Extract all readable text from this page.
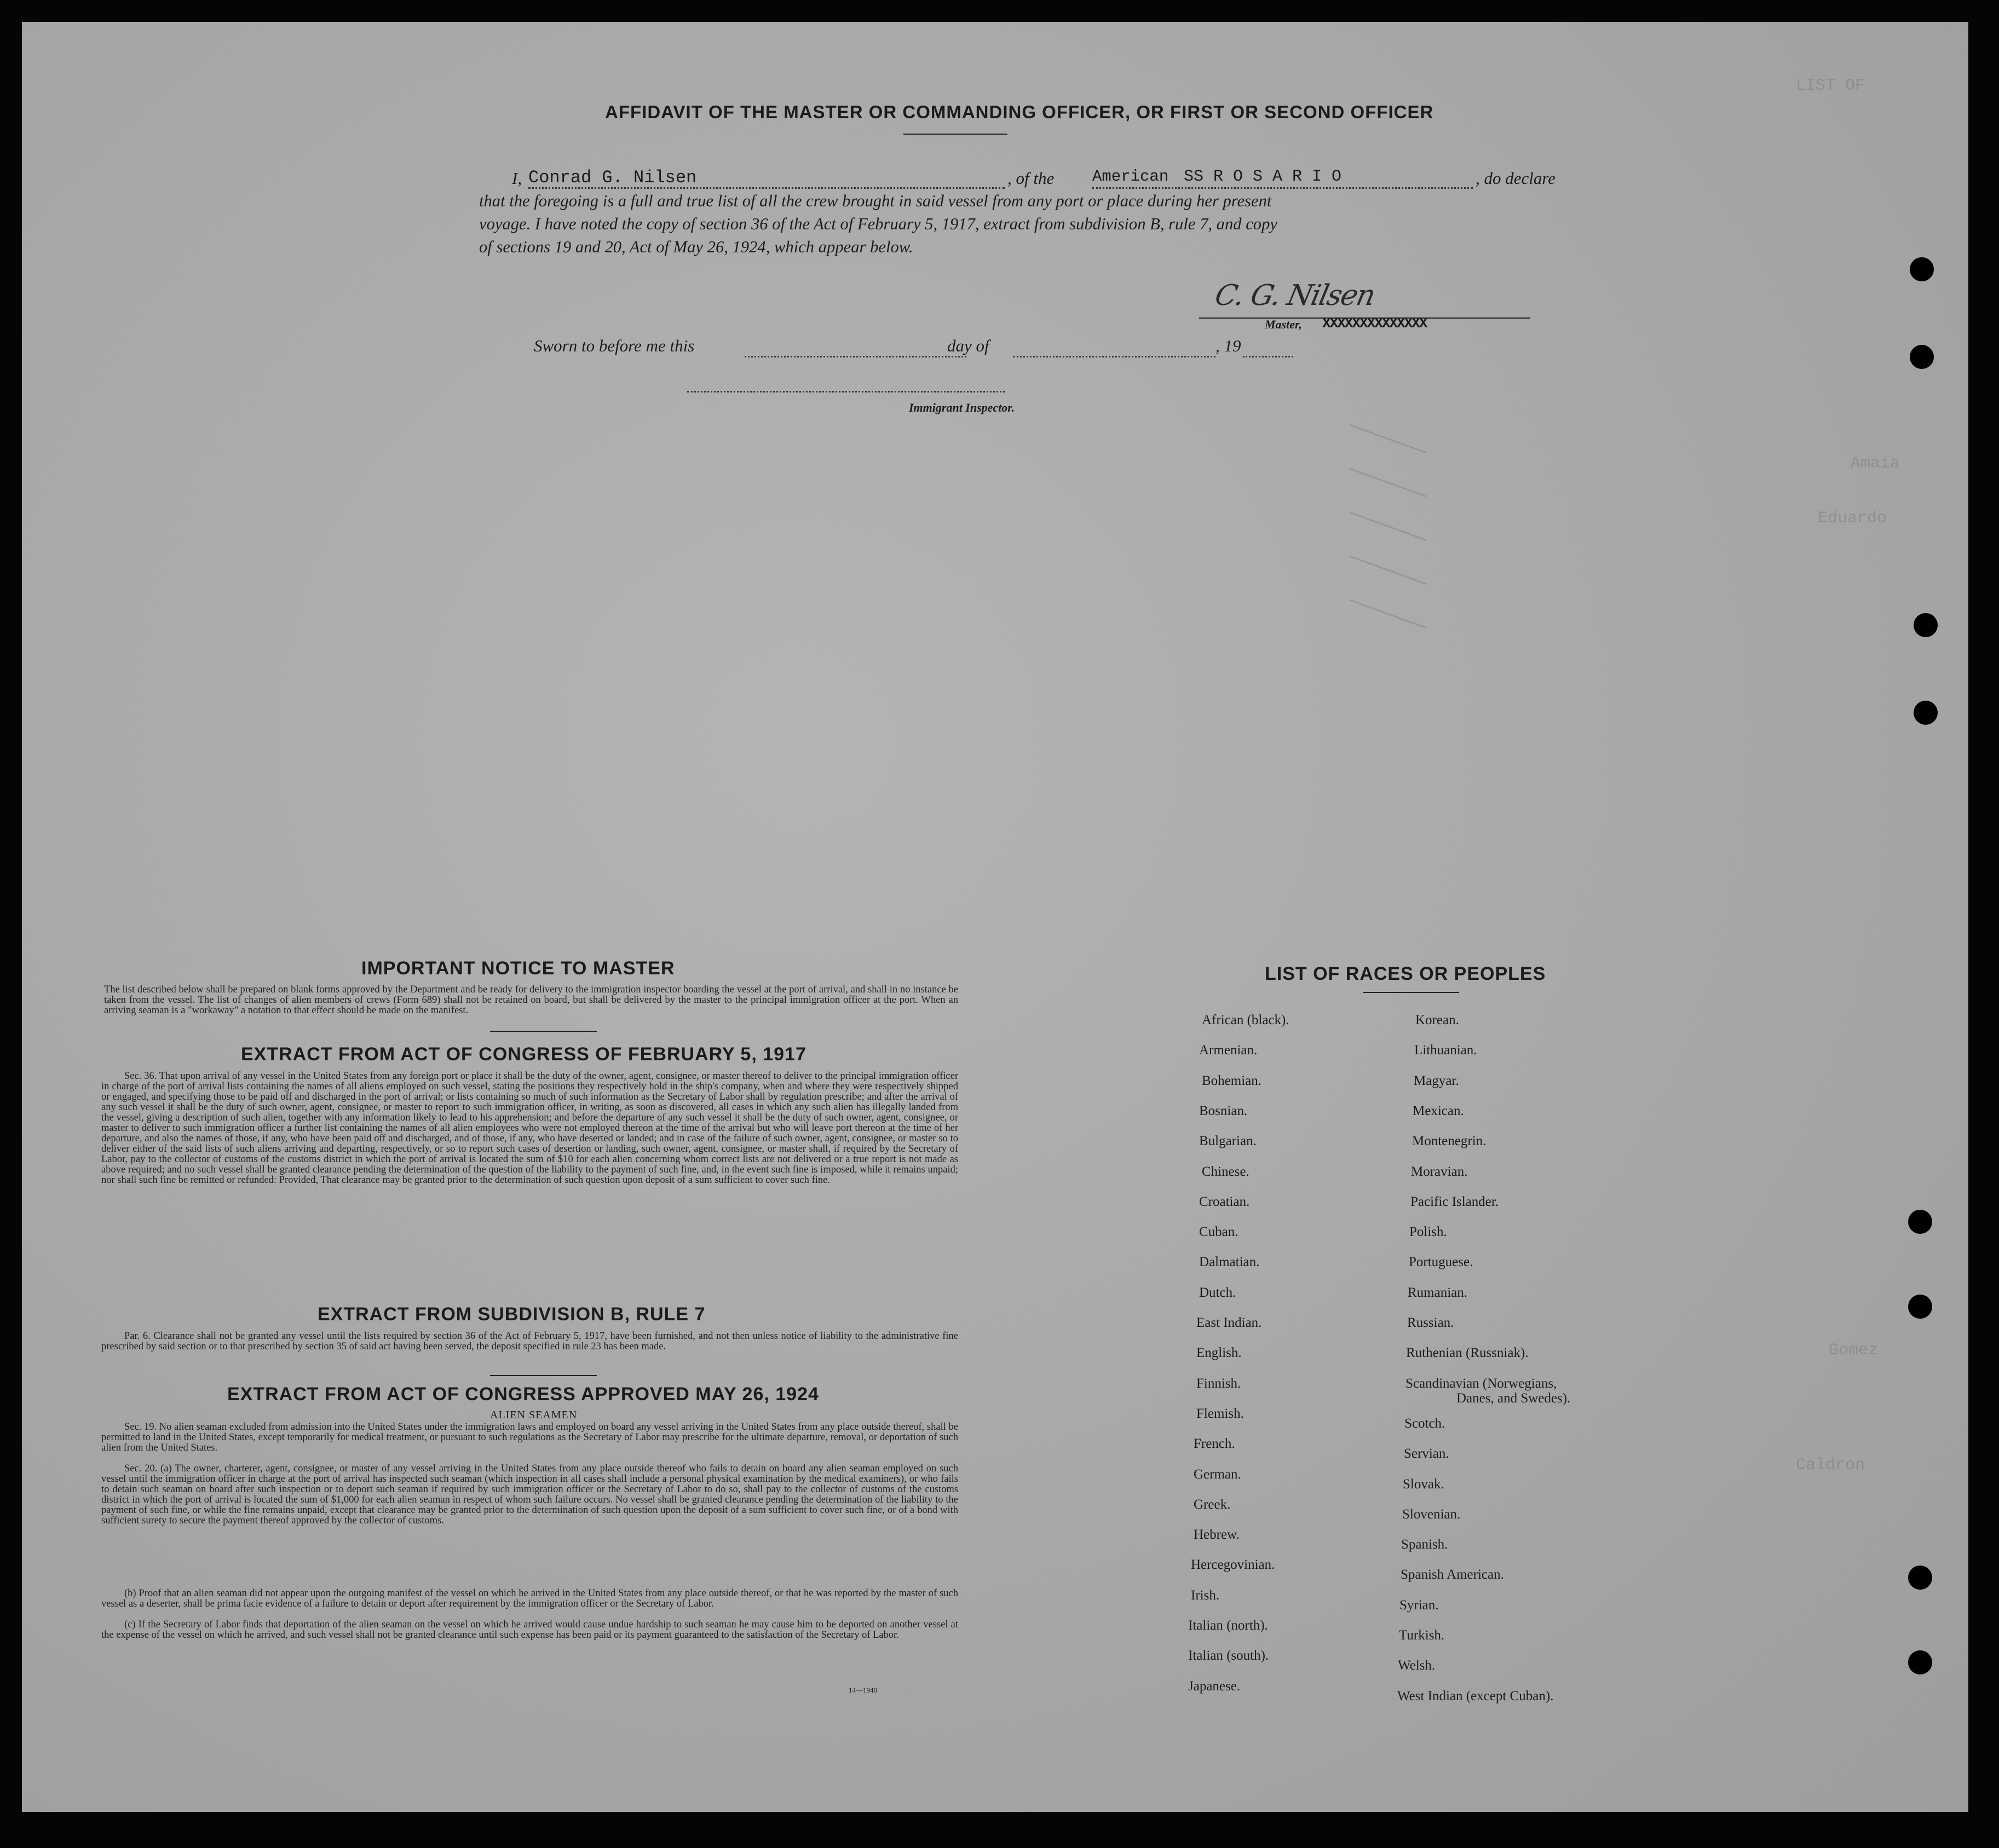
LIST OF
Amaia
Eduardo
Gomez
Caldron
AFFIDAVIT OF THE MASTER OR COMMANDING OFFICER, OR FIRST OR SECOND OFFICER
I, Conrad G. Nilsen	, of the American SS R O S A R I O	, do declare
that the foregoing is a full and true list of all the crew brought in said vessel from any port or place during her present
voyage. I have noted the copy of section 36 of the Act of February 5, 1917, extract from subdivision B, rule 7, and copy
of sections 19 and 20, Act of May 26, 1924, which appear below.
C. G. Nilsen
Master, XXXXXXXXXXXXXX
Sworn to before me this	day of	, 19
Immigrant Inspector.
IMPORTANT NOTICE TO MASTER
The list described below shall be prepared on blank forms approved by the Department and be ready for delivery to the immigration inspector boarding the vessel at the port of arrival, and shall in no instance be taken from the vessel. The list of changes of alien members of crews (Form 689) shall not be retained on board, but shall be delivered by the master to the principal immigration officer at the port. When an arriving seaman is a "workaway" a notation to that effect should be made on the manifest.
EXTRACT FROM ACT OF CONGRESS OF FEBRUARY 5, 1917
Sec. 36. That upon arrival of any vessel in the United States from any foreign port or place it shall be the duty of the owner, agent, consignee, or master thereof to deliver to the principal immigration officer in charge of the port of arrival lists containing the names of all aliens employed on such vessel, stating the positions they respectively hold in the ship's company, when and where they were respectively shipped or engaged, and specifying those to be paid off and discharged in the port of arrival; or lists containing so much of such information as the Secretary of Labor shall by regulation prescribe; and after the arrival of any such vessel it shall be the duty of such owner, agent, consignee, or master to report to such immigration officer, in writing, as soon as discovered, all cases in which any such alien has illegally landed from the vessel, giving a description of such alien, together with any information likely to lead to his apprehension; and before the departure of any such vessel it shall be the duty of such owner, agent, consignee, or master to deliver to such immigration officer a further list containing the names of all alien employees who were not employed thereon at the time of the arrival but who will leave port thereon at the time of her departure, and also the names of those, if any, who have been paid off and discharged, and of those, if any, who have deserted or landed; and in case of the failure of such owner, agent, consignee, or master so to deliver either of the said lists of such aliens arriving and departing, respectively, or so to report such cases of desertion or landing, such owner, agent, consignee, or master shall, if required by the Secretary of Labor, pay to the collector of customs of the customs district in which the port of arrival is located the sum of $10 for each alien concerning whom correct lists are not delivered or a true report is not made as above required; and no such vessel shall be granted clearance pending the determination of the question of the liability to the payment of such fine, and, in the event such fine is imposed, while it remains unpaid; nor shall such fine be remitted or refunded: Provided, That clearance may be granted prior to the determination of such question upon deposit of a sum sufficient to cover such fine.
EXTRACT FROM SUBDIVISION B, RULE 7
Par. 6. Clearance shall not be granted any vessel until the lists required by section 36 of the Act of February 5, 1917, have been furnished, and not then unless notice of liability to the administrative fine prescribed by said section or to that prescribed by section 35 of said act having been served, the deposit specified in rule 23 has been made.
EXTRACT FROM ACT OF CONGRESS APPROVED MAY 26, 1924
ALIEN SEAMEN
Sec. 19. No alien seaman excluded from admission into the United States under the immigration laws and employed on board any vessel arriving in the United States from any place outside thereof, shall be permitted to land in the United States, except temporarily for medical treatment, or pursuant to such regulations as the Secretary of Labor may prescribe for the ultimate departure, removal, or deportation of such alien from the United States.
Sec. 20. (a) The owner, charterer, agent, consignee, or master of any vessel arriving in the United States from any place outside thereof who fails to detain on board any alien seaman employed on such vessel until the immigration officer in charge at the port of arrival has inspected such seaman (which inspection in all cases shall include a personal physical examination by the medical examiners), or who fails to detain such seaman on board after such inspection or to deport such seaman if required by such immigration officer or the Secretary of Labor to do so, shall pay to the collector of customs of the customs district in which the port of arrival is located the sum of $1,000 for each alien seaman in respect of whom such failure occurs. No vessel shall be granted clearance pending the determination of the liability to the payment of such fine, or while the fine remains unpaid, except that clearance may be granted prior to the determination of such question upon the deposit of a sum sufficient to cover such fine, or of a bond with sufficient surety to secure the payment thereof approved by the collector of customs.
(b) Proof that an alien seaman did not appear upon the outgoing manifest of the vessel on which he arrived in the United States from any place outside thereof, or that he was reported by the master of such vessel as a deserter, shall be prima facie evidence of a failure to detain or deport after requirement by the immigration officer or the Secretary of Labor.
(c) If the Secretary of Labor finds that deportation of the alien seaman on the vessel on which he arrived would cause undue hardship to such seaman he may cause him to be deported on another vessel at the expense of the vessel on which he arrived, and such vessel shall not be granted clearance until such expense has been paid or its payment guaranteed to the satisfaction of the Secretary of Labor.
14—1940
LIST OF RACES OR PEOPLES
African (black).
Armenian.
Bohemian.
Bosnian.
Bulgarian.
Chinese.
Croatian.
Cuban.
Dalmatian.
Dutch.
East Indian.
English.
Finnish.
Flemish.
French.
German.
Greek.
Hebrew.
Hercegovinian.
Irish.
Italian (north).
Italian (south).
Japanese.
Korean.
Lithuanian.
Magyar.
Mexican.
Montenegrin.
Moravian.
Pacific Islander.
Polish.
Portuguese.
Rumanian.
Russian.
Ruthenian (Russniak).
Scandinavian (Norwegians,
Scotch.
Servian.
Slovak.
Slovenian.
Spanish.
Spanish American.
Syrian.
Turkish.
Welsh.
West Indian (except Cuban).
Danes, and Swedes).
